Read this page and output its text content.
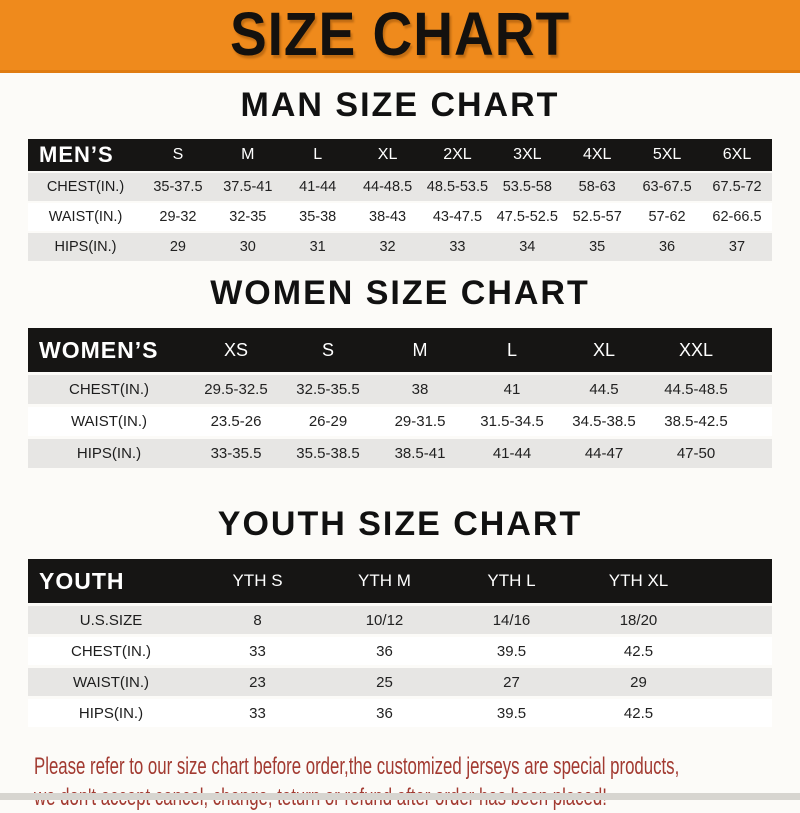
SIZE CHART
MAN SIZE CHART
MEN’S	S	M	L	XL	2XL	3XL	4XL	5XL	6XL
CHEST(IN.)	35-37.5	37.5-41	41-44	44-48.5	48.5-53.5	53.5-58	58-63	63-67.5	67.5-72
WAIST(IN.)	29-32	32-35	35-38	38-43	43-47.5	47.5-52.5	52.5-57	57-62	62-66.5
HIPS(IN.)	29	30	31	32	33	34	35	36	37
WOMEN SIZE CHART
WOMEN’S	XS	S	M	L	XL	XXL	
CHEST(IN.)	29.5-32.5	32.5-35.5	38	41	44.5	44.5-48.5	
WAIST(IN.)	23.5-26	26-29	29-31.5	31.5-34.5	34.5-38.5	38.5-42.5	
HIPS(IN.)	33-35.5	35.5-38.5	38.5-41	41-44	44-47	47-50	
YOUTH SIZE CHART
YOUTH	YTH S	YTH M	YTH L	YTH XL	
U.S.SIZE	8	10/12	14/16	18/20	
CHEST(IN.)	33	36	39.5	42.5	
WAIST(IN.)	23	25	27	29	
HIPS(IN.)	33	36	39.5	42.5	
Please refer to our size chart before order,the customized jerseys are special products,
